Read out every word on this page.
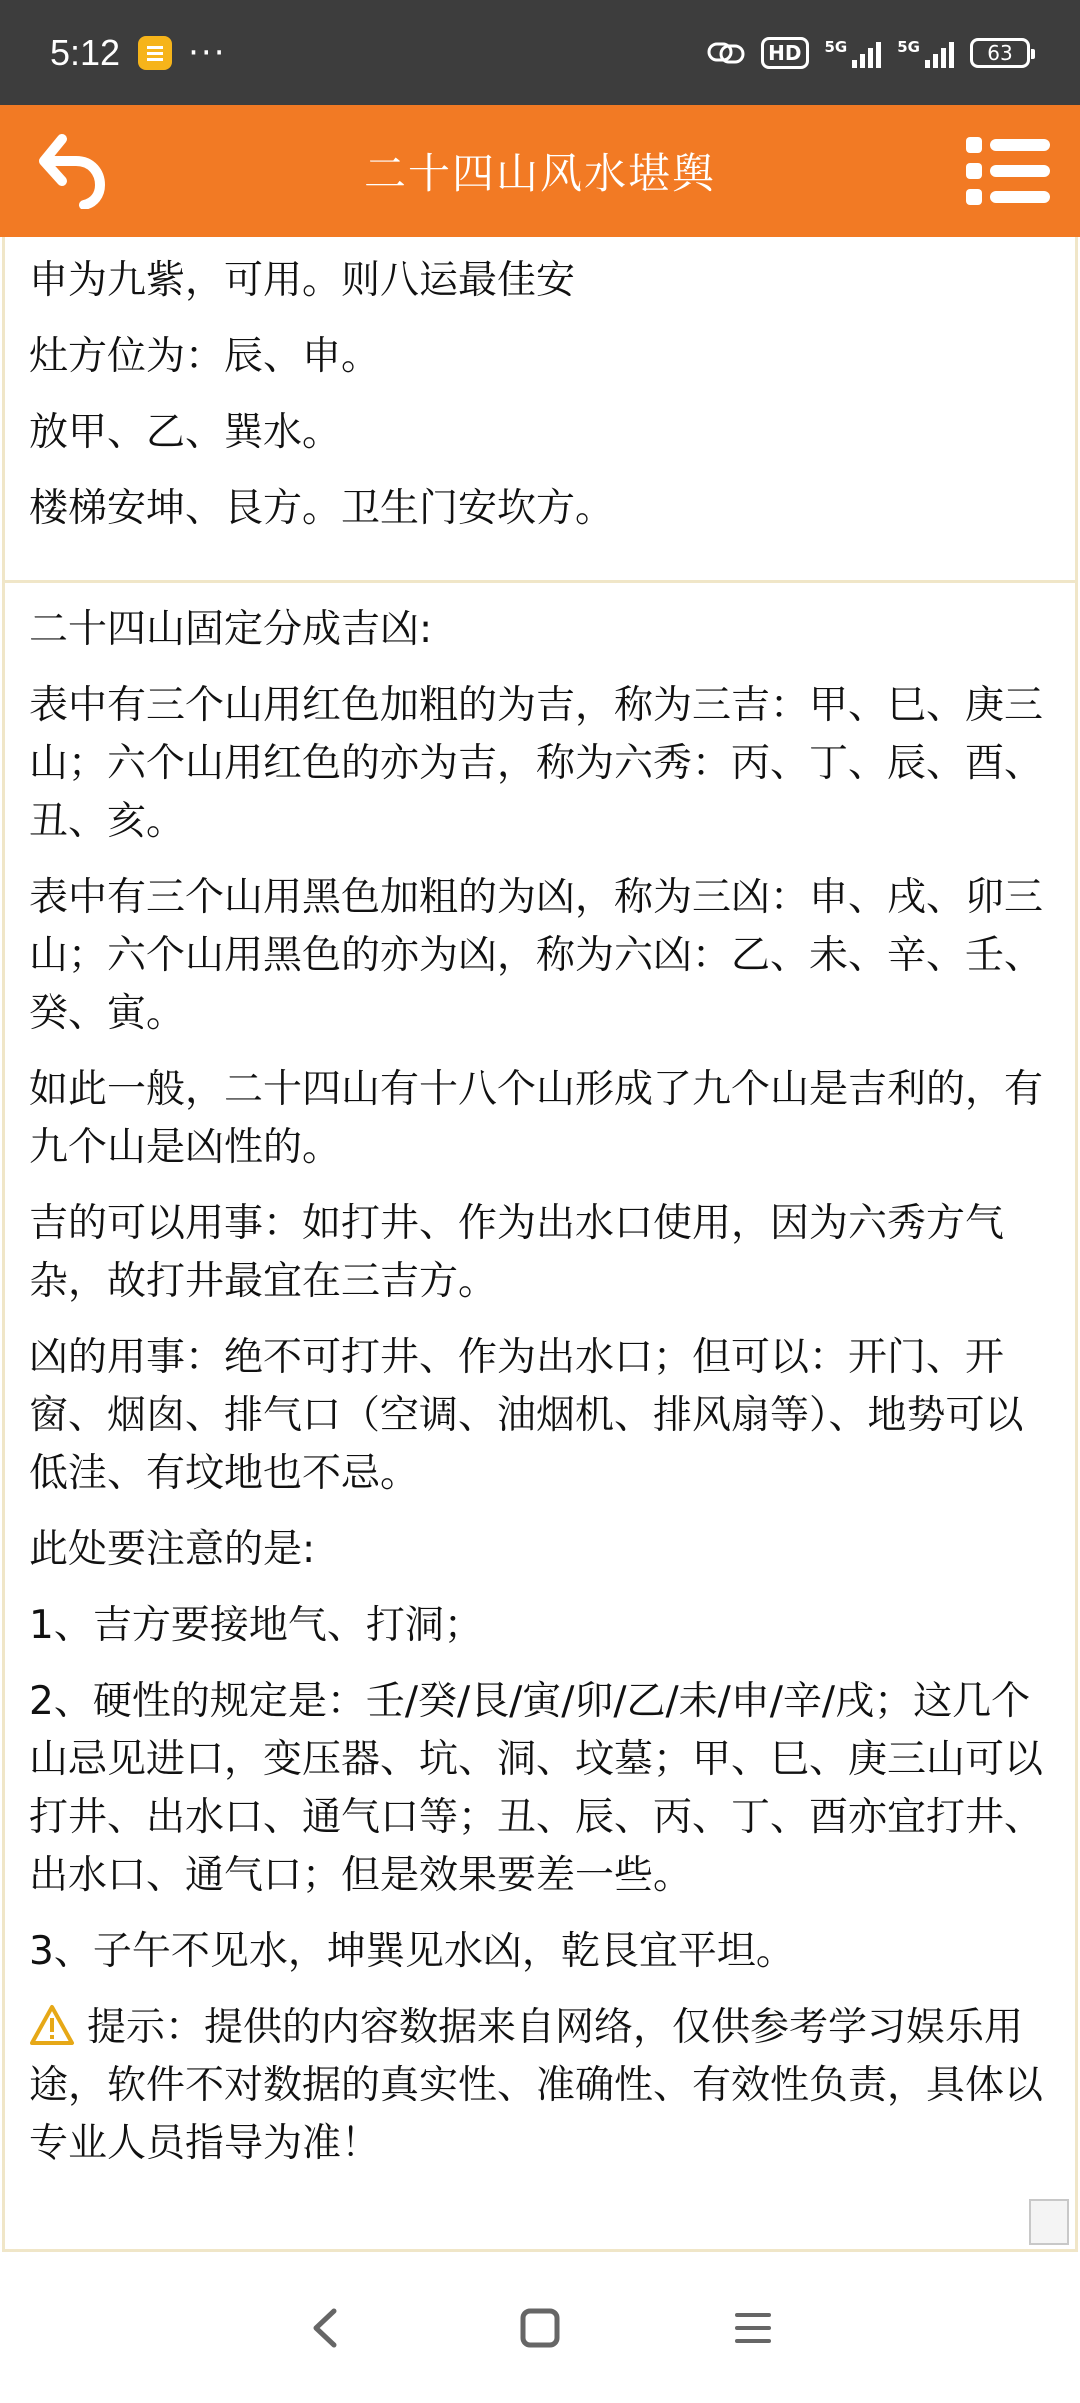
5:12 ···	HD	5G	5G	63
二十四山风水堪舆

申为九紫，可用。则八运最佳安

灶方位为：辰、申。

放甲、乙、巽水。

楼梯安坤、艮方。卫生门安坎方。

二十四山固定分成吉凶:

表中有三个山用红色加粗的为吉，称为三吉：甲、巳、庚三山；六个山用红色的亦为吉，称为六秀：丙、丁、辰、酉、丑、亥。

表中有三个山用黑色加粗的为凶，称为三凶：申、戌、卯三山；六个山用黑色的亦为凶，称为六凶：乙、未、辛、壬、癸、寅。

如此一般，二十四山有十八个山形成了九个山是吉利的，有九个山是凶性的。

吉的可以用事：如打井、作为出水口使用，因为六秀方气杂，故打井最宜在三吉方。

凶的用事：绝不可打井、作为出水口；但可以：开门、开窗、烟囱、排气口（空调、油烟机、排风扇等）、地势可以低洼、有坟地也不忌。

此处要注意的是:

1、吉方要接地气、打洞；

2、硬性的规定是：壬/癸/艮/寅/卯/乙/未/申/辛/戌；这几个山忌见进口，变压器、坑、洞、坟墓；甲、巳、庚三山可以打井、出水口、通气口等；丑、辰、丙、丁、酉亦宜打井、出水口、通气口；但是效果要差一些。

3、子午不见水，坤巽见水凶，乾艮宜平坦。

提示：提供的内容数据来自网络，仅供参考学习娱乐用途，软件不对数据的真实性、准确性、有效性负责，具体以专业人员指导为准！
